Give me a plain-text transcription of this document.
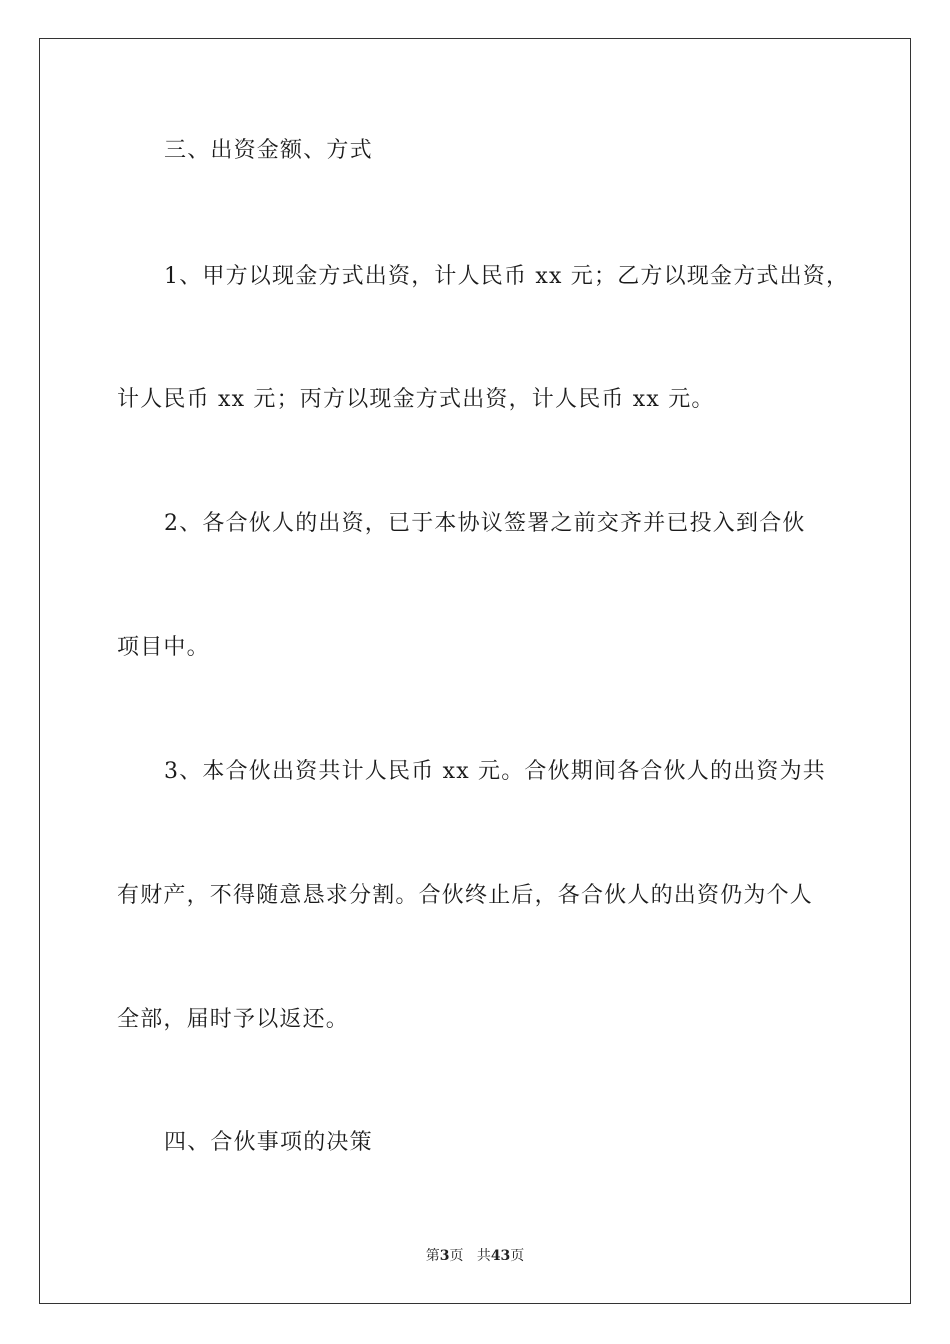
三、出资金额、方式
1、甲方以现金方式出资，计人民币 xx 元；乙方以现金方式出资，
计人民币 xx 元；丙方以现金方式出资，计人民币 xx 元。
2、各合伙人的出资，已于本协议签署之前交齐并已投入到合伙
项目中。
3、本合伙出资共计人民币 xx 元。合伙期间各合伙人的出资为共
有财产，不得随意恳求分割。合伙终止后，各合伙人的出资仍为个人
全部，届时予以返还。
四、合伙事项的决策
第3页 共43页
